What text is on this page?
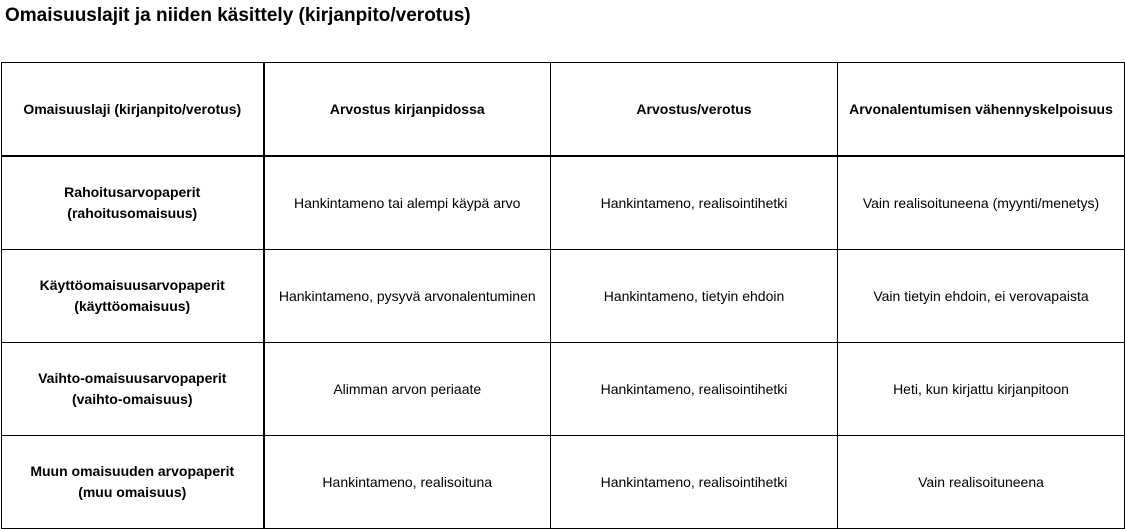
Omaisuuslajit ja niiden käsittely (kirjanpito/verotus)
Omaisuuslaji (kirjanpito/verotus)	Arvostus kirjanpidossa	Arvostus/verotus	Arvonalentumisen vähennyskelpoisuus
Rahoitusarvopaperit
(rahoitusomaisuus)	Hankintameno tai alempi käypä arvo	Hankintameno, realisointihetki	Vain realisoituneena (myynti/menetys)
Käyttöomaisuusarvopaperit
(käyttöomaisuus)	Hankintameno, pysyvä arvonalentuminen	Hankintameno, tietyin ehdoin	Vain tietyin ehdoin, ei verovapaista
Vaihto-omaisuusarvopaperit
(vaihto-omaisuus)	Alimman arvon periaate	Hankintameno, realisointihetki	Heti, kun kirjattu kirjanpitoon
Muun omaisuuden arvopaperit
(muu omaisuus)	Hankintameno, realisoituna	Hankintameno, realisointihetki	Vain realisoituneena
